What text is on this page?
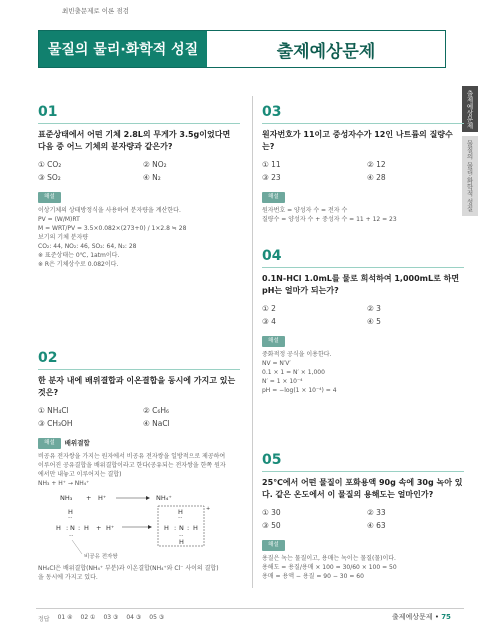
최빈출문제로 이론 점검
물질의 물리·화학적 성질	출제예상문제
출제예상문제
물질의 물리·화학적 성질
01
표준상태에서 어떤 기체 2.8L의 무게가 3.5g이었다면 다음 중 어느 기체의 분자량과 같은가?
① CO₂	② NO₂
③ SO₂	④ N₂
해설
이상기체의 상태방정식을 사용하여 분자량을 계산한다.
PV = (W/M)RT
M = WRT/PV = 3.5×0.082×(273+0) / 1×2.8 ≒ 28
보기의 기체 분자량
CO₂: 44, NO₂: 46, SO₂: 64, N₂: 28
※ 표준상태는 0℃, 1atm이다.
※ R은 기체상수로 0.082이다.
02
한 분자 내에 배위결합과 이온결합을 동시에 가지고 있는 것은?
① NH₄Cl	② C₆H₆
③ CH₃OH	④ NaCl
해설	배위결합
비공유 전자쌍을 가지는 원자에서 비공유 전자쌍을 일방적으로 제공하여
이루어진 공유결합을 배위결합이라고 한다(공유되는 전자쌍을 한쪽 원자
에서만 내놓고 이루어지는 결합)
NH₃ + H⁺ → NH₄⁺
NH₃ + H⁺	NH₄⁺
H
··
H : N : H
··
+ H⁺
+
H
··
H : N : H
··
H
비공유 전자쌍
NH₄Cl은 배위결합(NH₄⁺ 부분)과 이온결합(NH₄⁺와 Cl⁻ 사이의 결합)
을 동시에 가지고 있다.
03
원자번호가 11이고 중성자수가 12인 나트륨의 질량수는?
① 11	② 12
③ 23	④ 28
해설
원자번호 = 양성자 수 = 전자 수
질량수 = 양성자 수 + 중성자 수 = 11 + 12 = 23
04
0.1N-HCl 1.0mL를 물로 희석하여 1,000mL로 하면 pH는 얼마가 되는가?
① 2	② 3
③ 4	④ 5
해설
중화적정 공식을 이용한다.
NV = N′V′
0.1 × 1 = N′ × 1,000
N′ = 1 × 10⁻⁴
pH = −log(1 × 10⁻⁴) = 4
05
25℃에서 어떤 물질이 포화용액 90g 속에 30g 녹아 있다. 같은 온도에서 이 물질의 용해도는 얼마인가?
① 30	② 33
③ 50	④ 63
해설
용질은 녹는 물질이고, 용매는 녹이는 물질(물)이다.
용해도 = 용질/용매 × 100 = 30/60 × 100 = 50
용매 = 용액 − 용질 = 90 − 30 = 60
정답 01 ④ 02 ① 03 ③ 04 ③ 05 ③	출제예상문제 • 75
